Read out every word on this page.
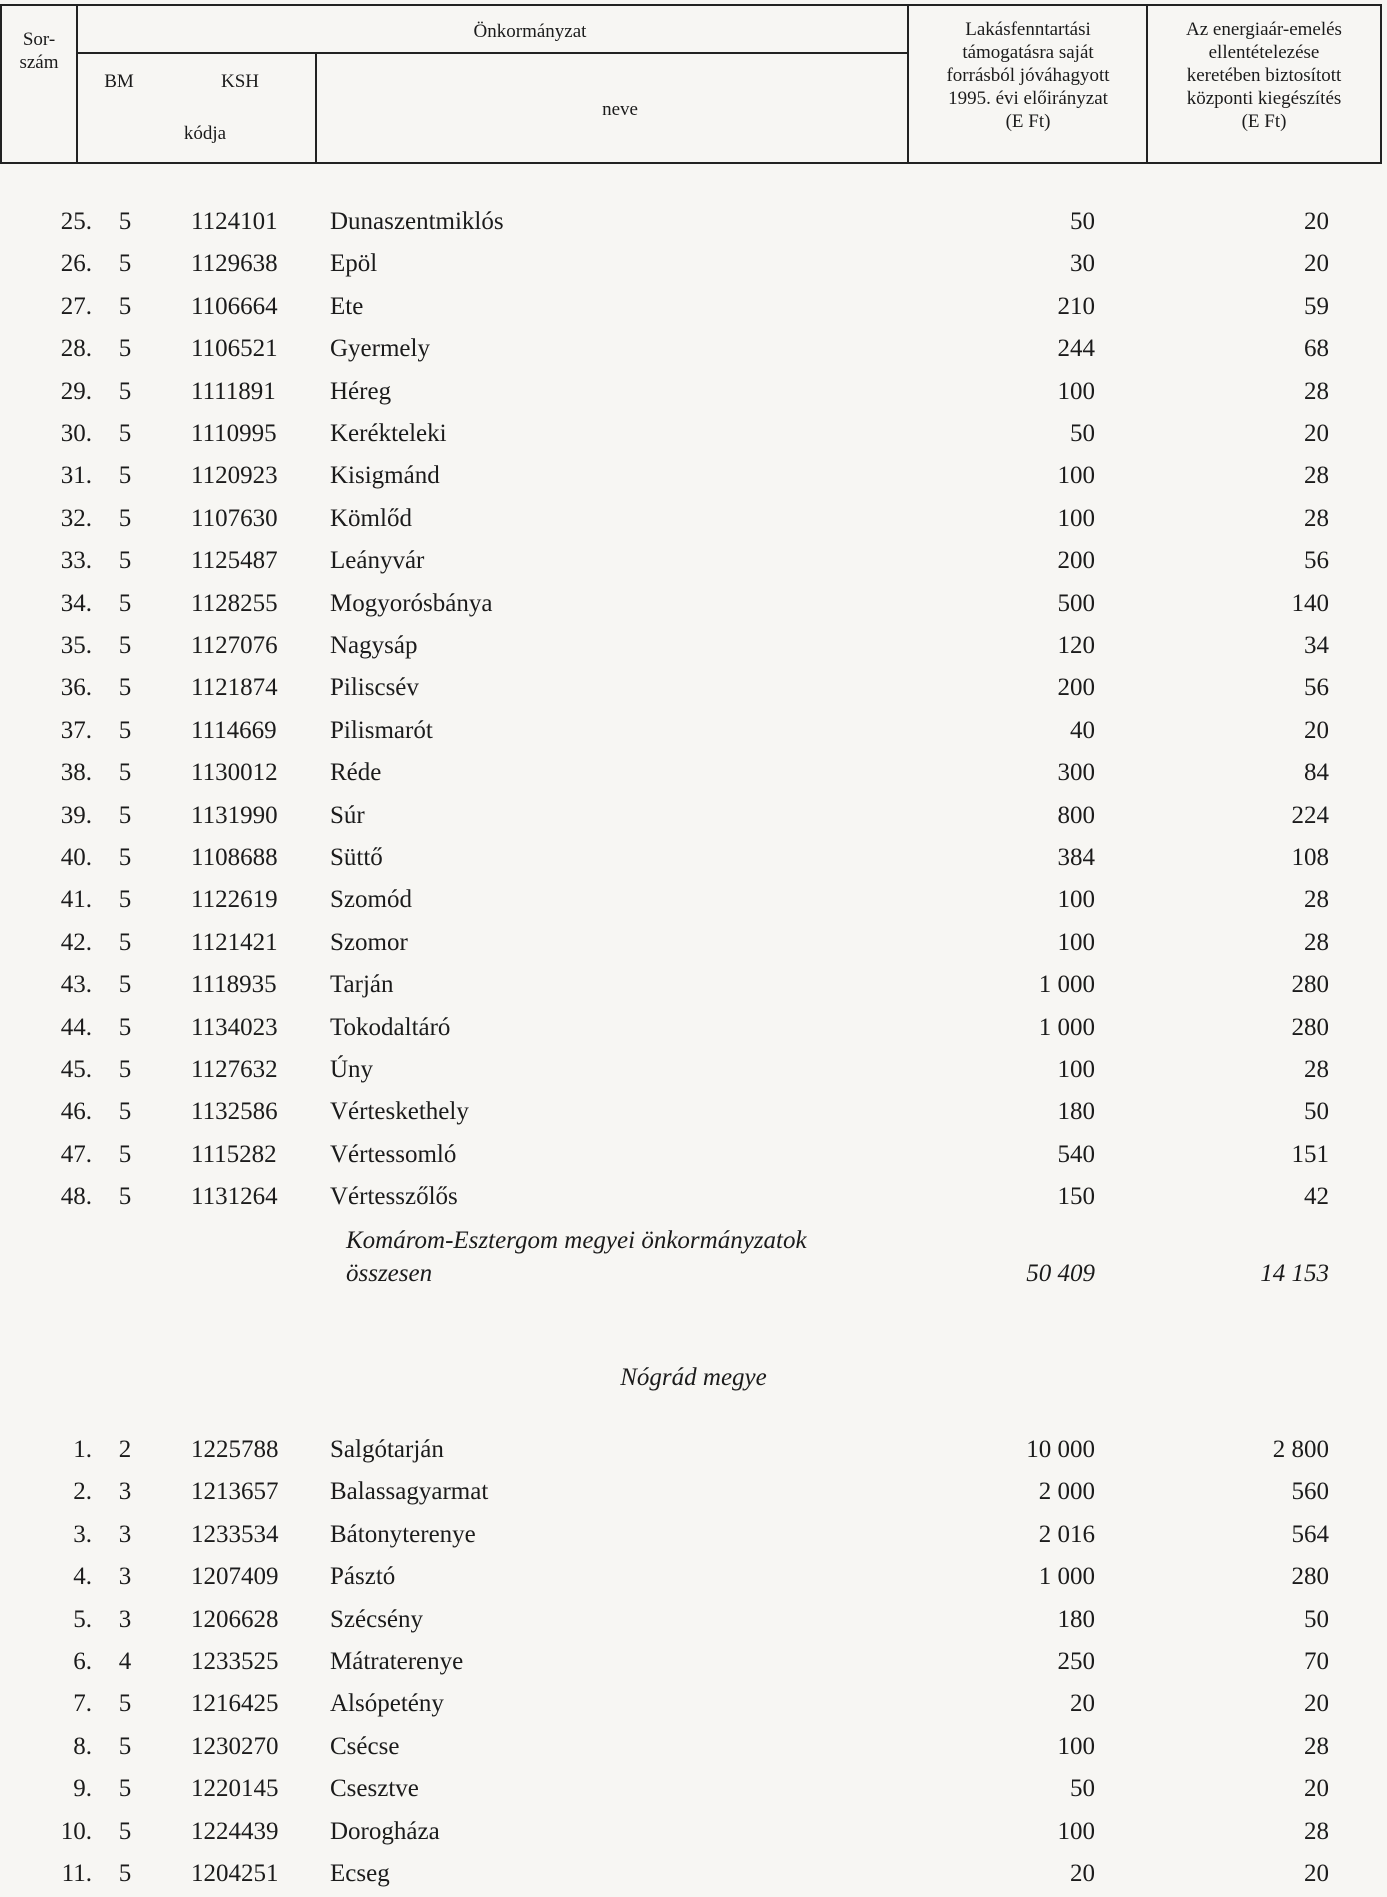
Sor-
szám
Önkormányzat
BM	KSH
kódja
neve
Lakásfenntartási
támogatásra saját
forrásból jóváhagyott
1995. évi előirányzat
(E Ft)
Az energiaár-emelés
ellentételezése
keretében biztosított
központi kiegészítés
(E Ft)
25.	5	1124101 Dunaszentmiklós	50	20
26.	5	1129638 Epöl	30	20
27.	5	1106664 Ete	210	59
28.	5	1106521 Gyermely	244	68
29.	5	1111891 Héreg	100	28
30.	5	1110995 Kerékteleki	50	20
31.	5	1120923 Kisigmánd	100	28
32.	5	1107630 Kömlőd	100	28
33.	5	1125487 Leányvár	200	56
34.	5	1128255 Mogyorósbánya	500	140
35.	5	1127076 Nagysáp	120	34
36.	5	1121874 Piliscsév	200	56
37.	5	1114669 Pilismarót	40	20
38.	5	1130012 Réde	300	84
39.	5	1131990 Súr	800	224
40.	5	1108688 Süttő	384	108
41.	5	1122619 Szomód	100	28
42.	5	1121421 Szomor	100	28
43.	5	1118935 Tarján	1 000	280
44.	5	1134023 Tokodaltáró	1 000	280
45.	5	1127632 Úny	100	28
46.	5	1132586 Vérteskethely	180	50
47.	5	1115282 Vértessomló	540	151
48.	5	1131264 Vértesszőlős	150	42
Komárom-Esztergom megyei önkormányzatok
összesen	50 409	14 153
Nógrád megye
1.	2	1225788 Salgótarján	10 000	2 800
2.	3	1213657 Balassagyarmat	2 000	560
3.	3	1233534 Bátonyterenye	2 016	564
4.	3	1207409 Pásztó	1 000	280
5.	3	1206628 Szécsény	180	50
6.	4	1233525 Mátraterenye	250	70
7.	5	1216425 Alsópetény	20	20
8.	5	1230270 Csécse	100	28
9.	5	1220145 Csesztve	50	20
10.	5	1224439 Dorogháza	100	28
11.	5	1204251 Ecseg	20	20
